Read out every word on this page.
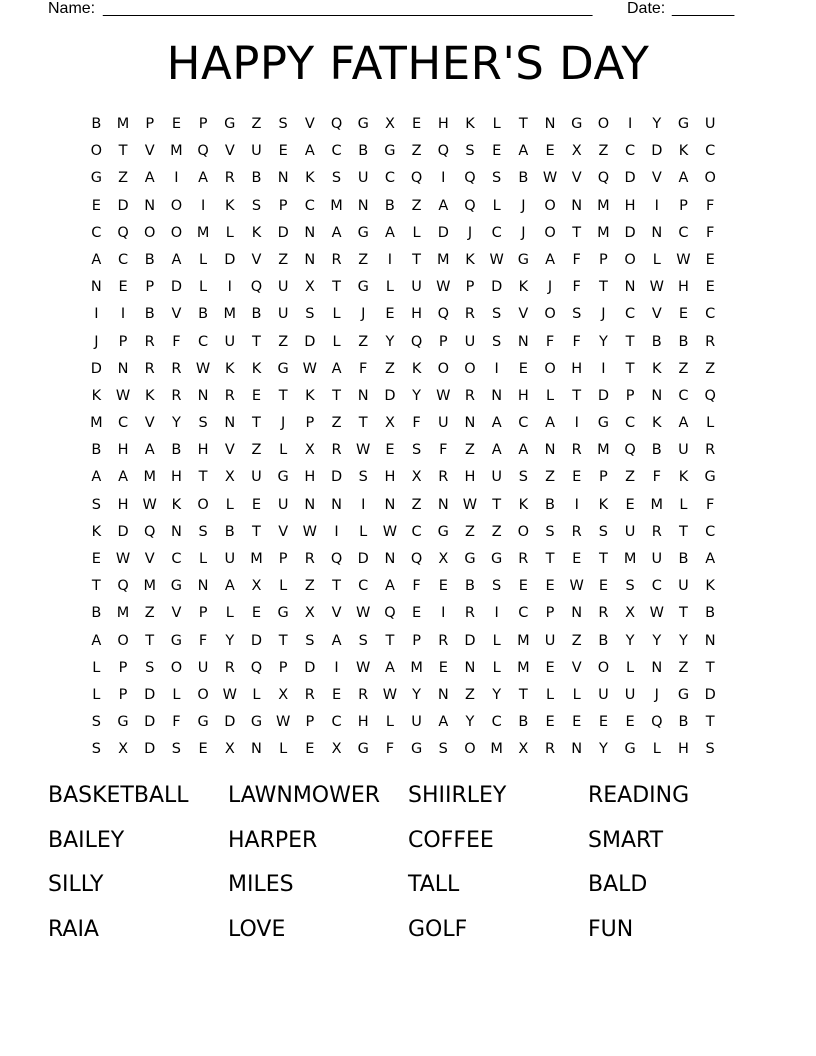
Name: _______________________________________________________ Date: _______
HAPPY FATHER'S DAY
B M P E P G Z S V Q G X E H K L T N G O I Y G U
O T V M Q V U E A C B G Z Q S E A E X Z C D K C
G Z A I A R B N K S U C Q I Q S B W V Q D V A O
E D N O I K S P C M N B Z A Q L J O N M H I P F
C Q O O M L K D N A G A L D J C J O T M D N C F
A C B A L D V Z N R Z I T M K W G A F P O L W E
N E P D L I Q U X T G L U W P D K J F T N W H E
I I B V B M B U S L J E H Q R S V O S J C V E C
J P R F C U T Z D L Z Y Q P U S N F F Y T B B R
D N R R W K K G W A F Z K O O I E O H I T K Z Z
K W K R N R E T K T N D Y W R N H L T D P N C Q
M C V Y S N T J P Z T X F U N A C A I G C K A L
B H A B H V Z L X R W E S F Z A A N R M Q B U R
A A M H T X U G H D S H X R H U S Z E P Z F K G
S H W K O L E U N N I N Z N W T K B I K E M L F
K D Q N S B T V W I L W C G Z Z O S R S U R T C
E W V C L U M P R Q D N Q X G G R T E T M U B A
T Q M G N A X L Z T C A F E B S E E W E S C U K
B M Z V P L E G X V W Q E I R I C P N R X W T B
A O T G F Y D T S A S T P R D L M U Z B Y Y Y N
L P S O U R Q P D I W A M E N L M E V O L N Z T
L P D L O W L X R E R W Y N Z Y T L L U U J G D
S G D F G D G W P C H L U A Y C B E E E E Q B T
S X D S E X N L E X G F G S O M X R N Y G L H S
BASKETBALL LAWNMOWER SHIIRLEY	READING
BAILEY	HARPER	COFFEE	SMART
SILLY	MILES	TALL	BALD
RAIA	LOVE	GOLF	FUN
